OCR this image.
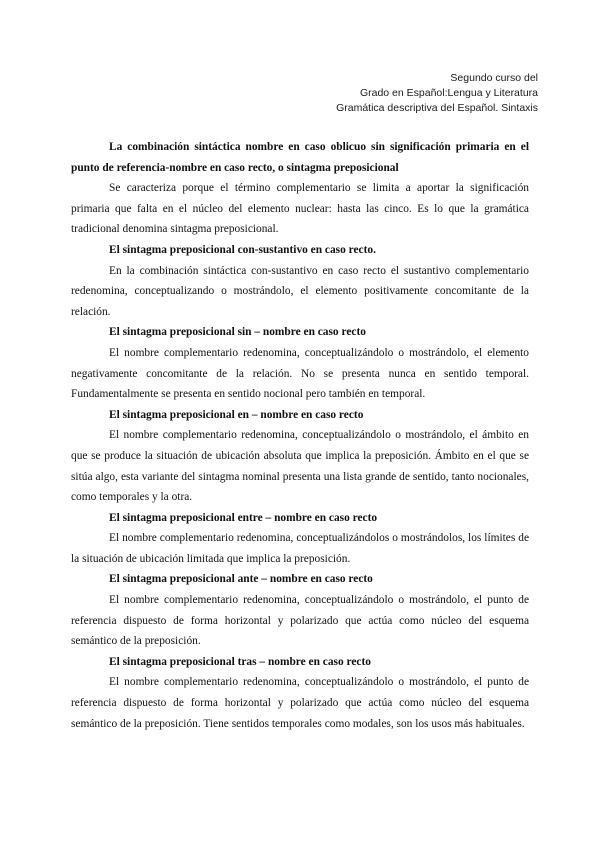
Segundo curso del
Grado en Español:Lengua y Literatura
Gramática descriptiva del Español. Sintaxis

La combinación sintáctica nombre en caso oblicuo sin significación primaria en el punto de referencia-nombre en caso recto, o sintagma preposicional

Se caracteriza porque el término complementario se limita a aportar la significación primaria que falta en el núcleo del elemento nuclear: hasta las cinco. Es lo que la gramática tradicional denomina sintagma preposicional.

El sintagma preposicional con-sustantivo en caso recto.

En la combinación sintáctica con-sustantivo en caso recto el sustantivo complementario redenomina, conceptualizando o mostrándolo, el elemento positivamente concomitante de la relación.

El sintagma preposicional sin – nombre en caso recto

El nombre complementario redenomina, conceptualizándolo o mostrándolo, el elemento negativamente concomitante de la relación. No se presenta nunca en sentido temporal. Fundamentalmente se presenta en sentido nocional pero también en temporal.

El sintagma preposicional en – nombre en caso recto

El nombre complementario redenomina, conceptualizándolo o mostrándolo, el ámbito en que se produce la situación de ubicación absoluta que implica la preposición. Ámbito en el que se sitúa algo, esta variante del sintagma nominal presenta una lista grande de sentido, tanto nocionales, como temporales y la otra.

El sintagma preposicional entre – nombre en caso recto

El nombre complementario redenomina, conceptualizándolos o mostrándolos, los límites de la situación de ubicación limitada que implica la preposición.

El sintagma preposicional ante – nombre en caso recto

El nombre complementario redenomina, conceptualizándolo o mostrándolo, el punto de referencia dispuesto de forma horizontal y polarizado que actúa como núcleo del esquema semántico de la preposición.

El sintagma preposicional tras – nombre en caso recto

El nombre complementario redenomina, conceptualizándolo o mostrándolo, el punto de referencia dispuesto de forma horizontal y polarizado que actúa como núcleo del esquema semántico de la preposición. Tiene sentidos temporales como modales, son los usos más habituales.
